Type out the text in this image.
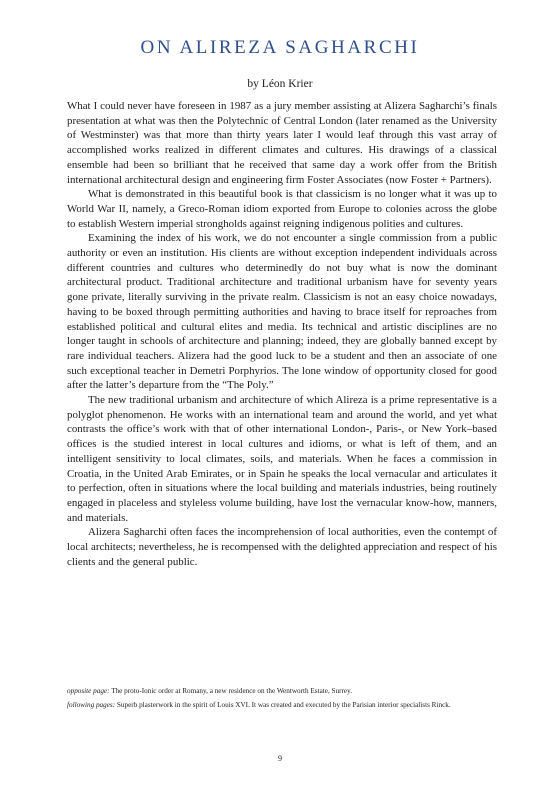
ON ALIREZA SAGHARCHI
by Léon Krier

What I could never have foreseen in 1987 as a jury member assisting at Alizera Sagharchi’s finals presentation at what was then the Polytechnic of Central London (later renamed as the University of Westminster) was that more than thirty years later I would leaf through this vast array of accomplished works realized in different climates and cultures. His drawings of a classical ensemble had been so brilliant that he received that same day a work offer from the British international architectural design and engineering firm Foster Associates (now Foster + Partners).

What is demonstrated in this beautiful book is that classicism is no longer what it was up to World War II, namely, a Greco-Roman idiom exported from Europe to colonies across the globe to establish Western imperial strongholds against reigning indigenous polities and cultures.

Examining the index of his work, we do not encounter a single commission from a public authority or even an institution. His clients are without exception independent individuals across different countries and cultures who determinedly do not buy what is now the dominant architectural product. Traditional architecture and traditional urbanism have for seventy years gone private, literally surviving in the private realm. Classicism is not an easy choice nowadays, having to be boxed through permitting authorities and having to brace itself for reproaches from established political and cultural elites and media. Its technical and artistic disciplines are no longer taught in schools of architecture and planning; indeed, they are globally banned except by rare individual teachers. Alizera had the good luck to be a student and then an associate of one such exceptional teacher in Demetri Porphyrios. The lone window of opportunity closed for good after the latter’s departure from the “The Poly.”

The new traditional urbanism and architecture of which Alireza is a prime representative is a polyglot phenomenon. He works with an international team and around the world, and yet what contrasts the office’s work with that of other international London-, Paris-, or New York–based offices is the studied interest in local cultures and idioms, or what is left of them, and an intelligent sensitivity to local climates, soils, and materials. When he faces a commission in Croatia, in the United Arab Emirates, or in Spain he speaks the local vernacular and articulates it to perfection, often in situations where the local building and materials industries, being routinely engaged in placeless and styleless volume building, have lost the vernacular know-how, manners, and materials.

Alizera Sagharchi often faces the incomprehension of local authorities, even the contempt of local architects; nevertheless, he is recompensed with the delighted appreciation and respect of his clients and the general public.

opposite page: The proto-Ionic order at Romany, a new residence on the Wentworth Estate, Surrey.

following pages: Superb plasterwork in the spirit of Louis XVI. It was created and executed by the Parisian interior specialists Rinck.

9
